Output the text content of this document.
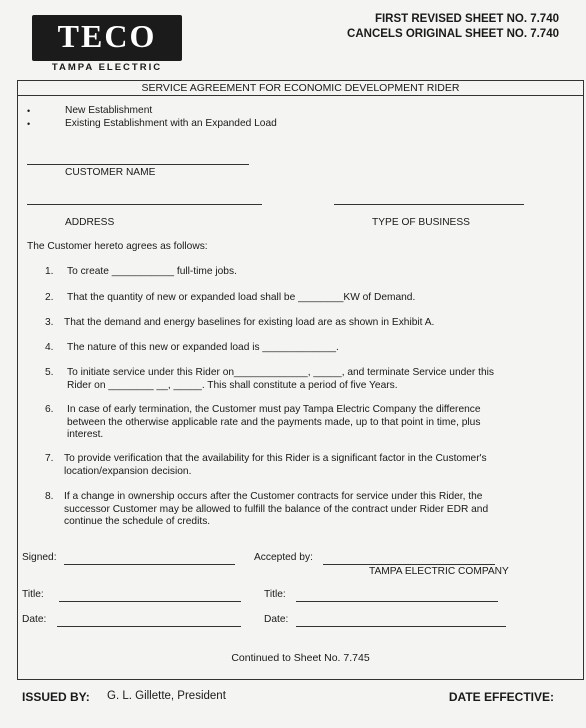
TECO
TAMPA ELECTRIC
FIRST REVISED SHEET NO. 7.740
CANCELS ORIGINAL SHEET NO. 7.740
SERVICE AGREEMENT FOR ECONOMIC DEVELOPMENT RIDER
•	New Establishment
•	Existing Establishment with an Expanded Load
CUSTOMER NAME
ADDRESS	TYPE OF BUSINESS
The Customer hereto agrees as follows:
1. To create ___________ full-time jobs.
2. That the quantity of new or expanded load shall be ________KW of Demand.
3. That the demand and energy baselines for existing load are as shown in Exhibit A.
4. The nature of this new or expanded load is _____________.
5. To initiate service under this Rider on_____________, _____, and terminate Service under this
Rider on ________ __, _____. This shall constitute a period of five Years.
6. In case of early termination, the Customer must pay Tampa Electric Company the difference
between the otherwise applicable rate and the payments made, up to that point in time, plus
interest.
7. To provide verification that the availability for this Rider is a significant factor in the Customer's
location/expansion decision.
8. If a change in ownership occurs after the Customer contracts for service under this Rider, the
successor Customer may be allowed to fulfill the balance of the contract under Rider EDR and
continue the schedule of credits.
Signed:	Accepted by:
TAMPA ELECTRIC COMPANY
Title:	Title:
Date:	Date:
Continued to Sheet No. 7.745
ISSUED BY: G. L. Gillette, President	DATE EFFECTIVE:
